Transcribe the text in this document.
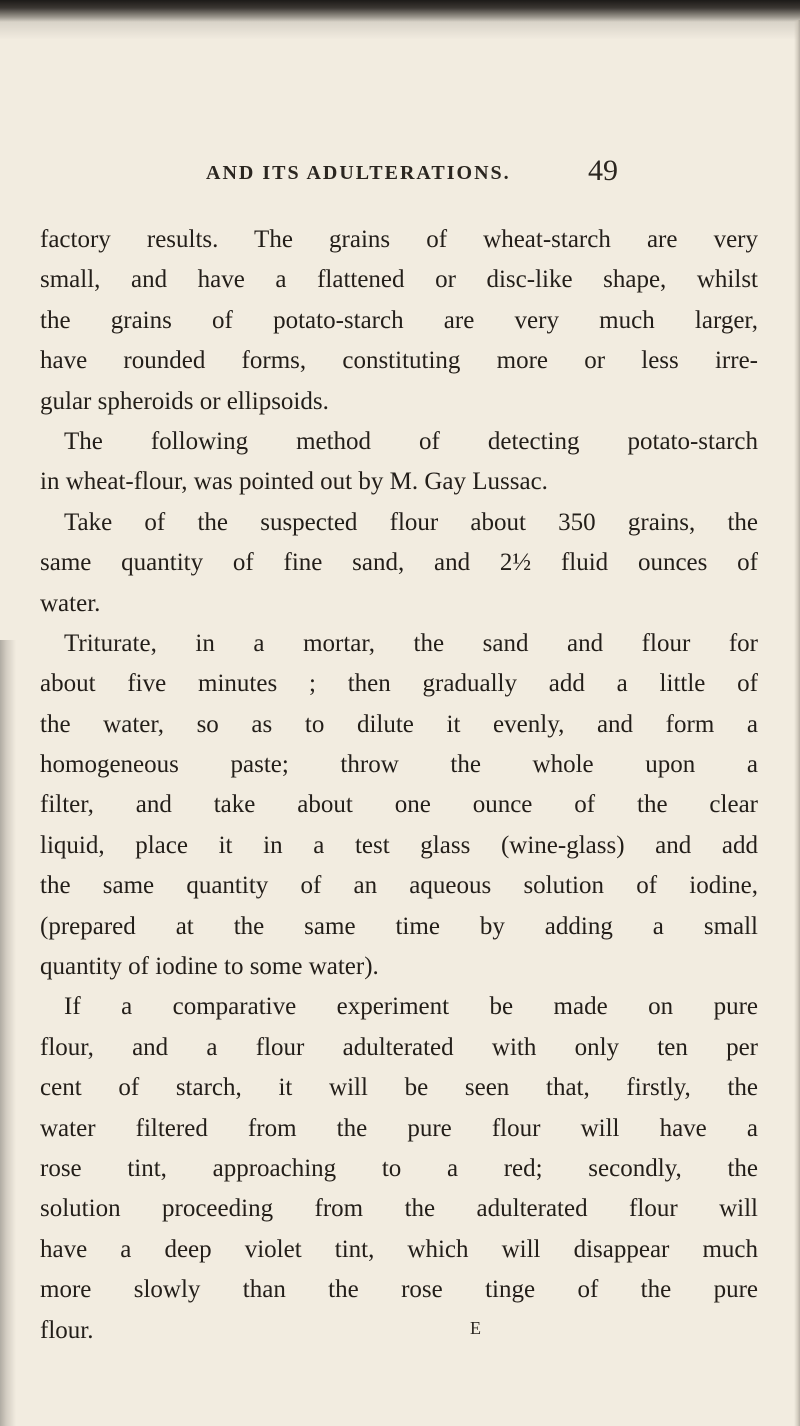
AND ITS ADULTERATIONS.	49
factory results. The grains of wheat-starch are very
small, and have a flattened or disc-like shape, whilst
the grains of potato-starch are very much larger,
have rounded forms, constituting more or less irre-
gular spheroids or ellipsoids.
The following method of detecting potato-starch
in wheat-flour, was pointed out by M. Gay Lussac.
Take of the suspected flour about 350 grains, the
same quantity of fine sand, and 2½ fluid ounces of
water.
Triturate, in a mortar, the sand and flour for
about five minutes ; then gradually add a little of
the water, so as to dilute it evenly, and form a
homogeneous paste; throw the whole upon a
filter, and take about one ounce of the clear
liquid, place it in a test glass (wine-glass) and add
the same quantity of an aqueous solution of iodine,
(prepared at the same time by adding a small
quantity of iodine to some water).
If a comparative experiment be made on pure
flour, and a flour adulterated with only ten per
cent of starch, it will be seen that, firstly, the
water filtered from the pure flour will have a
rose tint, approaching to a red; secondly, the
solution proceeding from the adulterated flour will
have a deep violet tint, which will disappear much
more slowly than the rose tinge of the pure
flour.	E
